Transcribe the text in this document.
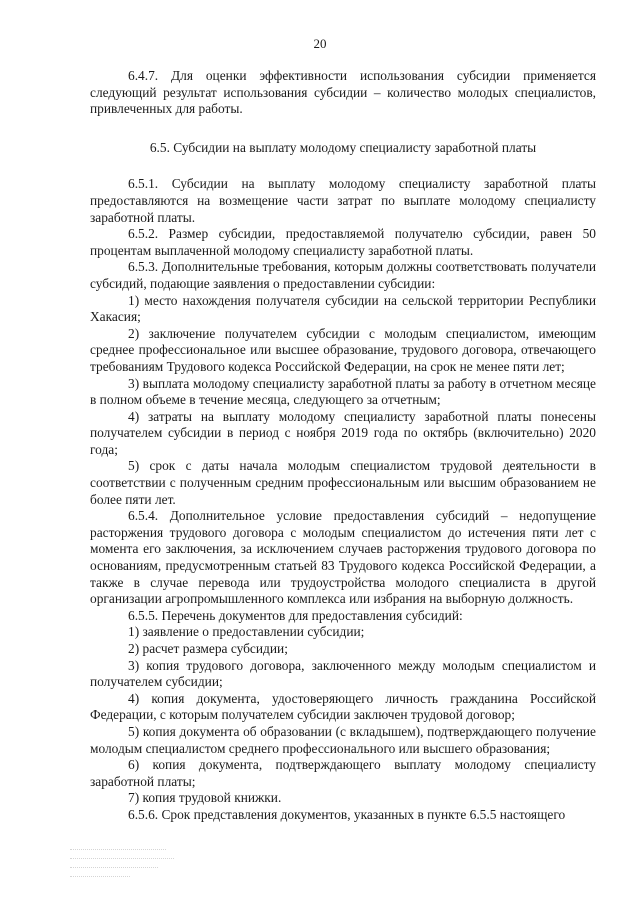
20

6.4.7. Для оценки эффективности использования субсидии применяется следующий результат использования субсидии – количество молодых специалистов, привлеченных для работы.

6.5. Субсидии на выплату молодому специалисту заработной платы

6.5.1. Субсидии на выплату молодому специалисту заработной платы предоставляются на возмещение части затрат по выплате молодому специалисту заработной платы.

6.5.2. Размер субсидии, предоставляемой получателю субсидии, равен 50 процентам выплаченной молодому специалисту заработной платы.

6.5.3. Дополнительные требования, которым должны соответствовать получатели субсидий, подающие заявления о предоставлении субсидии:

1) место нахождения получателя субсидии на сельской территории Республики Хакасия;

2) заключение получателем субсидии с молодым специалистом, имеющим среднее профессиональное или высшее образование, трудового договора, отвечающего требованиям Трудового кодекса Российской Федерации, на срок не менее пяти лет;

3) выплата молодому специалисту заработной платы за работу в отчетном месяце в полном объеме в течение месяца, следующего за отчетным;

4) затраты на выплату молодому специалисту заработной платы понесены получателем субсидии в период с ноября 2019 года по октябрь (включительно) 2020 года;

5) срок с даты начала молодым специалистом трудовой деятельности в соответствии с полученным средним профессиональным или высшим образованием не более пяти лет.

6.5.4. Дополнительное условие предоставления субсидий – недопущение расторжения трудового договора с молодым специалистом до истечения пяти лет с момента его заключения, за исключением случаев расторжения трудового договора по основаниям, предусмотренным статьей 83 Трудового кодекса Российской Федерации, а также в случае перевода или трудоустройства молодого специалиста в другой организации агропромышленного комплекса или избрания на выборную должность.

6.5.5. Перечень документов для предоставления субсидий:

1) заявление о предоставлении субсидии;

2) расчет размера субсидии;

3) копия трудового договора, заключенного между молодым специалистом и получателем субсидии;

4) копия документа, удостоверяющего личность гражданина Российской Федерации, с которым получателем субсидии заключен трудовой договор;

5) копия документа об образовании (с вкладышем), подтверждающего получение молодым специалистом среднего профессионального или высшего образования;

6) копия документа, подтверждающего выплату молодому специалисту заработной платы;

7) копия трудовой книжки.

6.5.6. Срок представления документов, указанных в пункте 6.5.5 настоящего
